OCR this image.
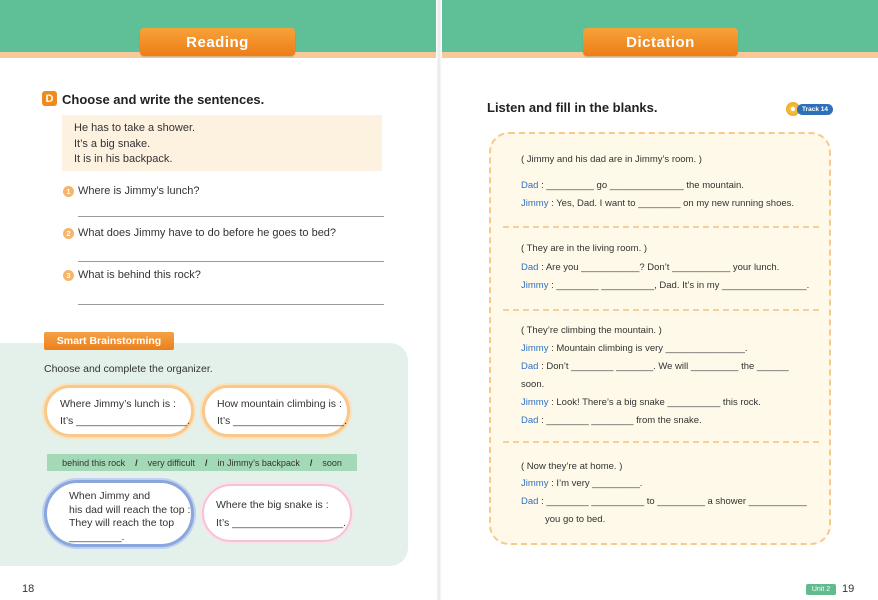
Reading	Dictation
D Choose and write the sentences.
He has to take a shower.
It’s a big snake.
It is in his backpack.
1 Where is Jimmy’s lunch?
2 What does Jimmy have to do before he goes to bed?
3 What is behind this rock?
Smart Brainstorming
Choose and complete the organizer.
Where Jimmy’s lunch is :
It’s ___________________.
How mountain climbing is :
It’s ___________________.
behind this rock / very difficult / in Jimmy’s backpack / soon
When Jimmy and
his dad will reach the top :
They will reach the top
_________.
Where the big snake is :
It’s ___________________.
18
Listen and fill in the blanks.	Track 14
( Jimmy and his dad are in Jimmy’s room. )
Dad : _________ go ______________ the mountain.
Jimmy : Yes, Dad. I want to ________ on my new running shoes.
( They are in the living room. )
Dad : Are you ___________? Don’t ___________ your lunch.
Jimmy : ________ __________, Dad. It’s in my ________________.
( They’re climbing the mountain. )
Jimmy : Mountain climbing is very _______________.
Dad : Don’t ________ _______. We will _________ the ______
soon.
Jimmy : Look! There’s a big snake __________ this rock.
Dad : ________ ________ from the snake.
( Now they’re at home. )
Jimmy : I’m very _________.
Dad : ________ __________ to _________ a shower ___________
you go to bed.
Unit 2	19
